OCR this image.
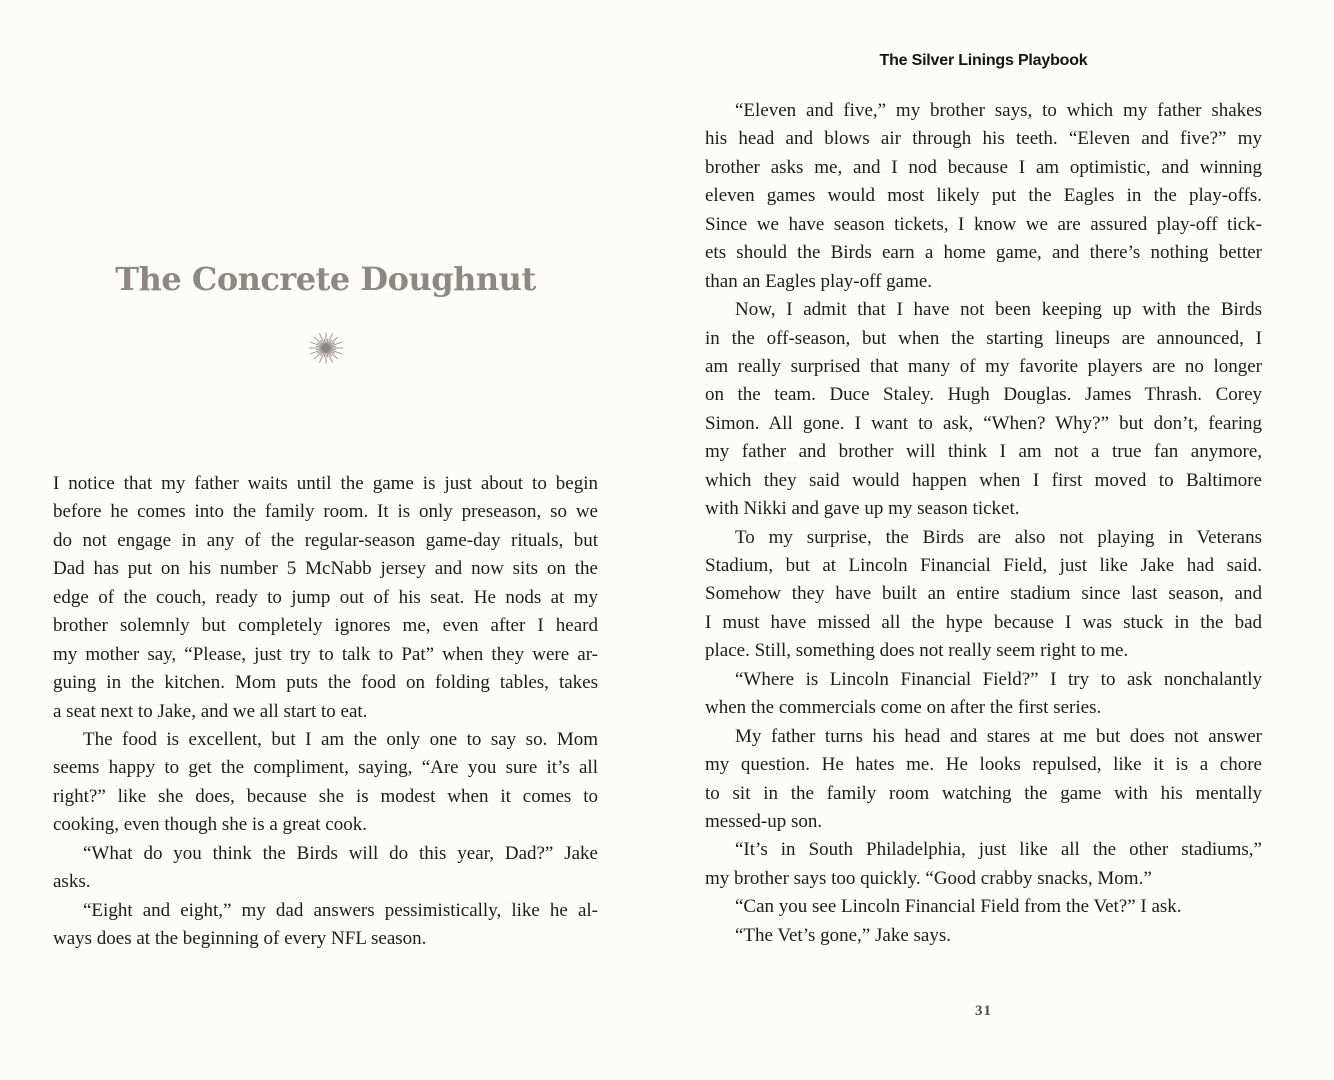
The Concrete Doughnut
I notice that my father waits until the game is just about to begin
before he comes into the family room. It is only preseason, so we
do not engage in any of the regular-season game-day rituals, but
Dad has put on his number 5 McNabb jersey and now sits on the
edge of the couch, ready to jump out of his seat. He nods at my
brother solemnly but completely ignores me, even after I heard
my mother say, “Please, just try to talk to Pat” when they were ar-
guing in the kitchen. Mom puts the food on folding tables, takes
a seat next to Jake, and we all start to eat.
The food is excellent, but I am the only one to say so. Mom
seems happy to get the compliment, saying, “Are you sure it’s all
right?” like she does, because she is modest when it comes to
cooking, even though she is a great cook.
“What do you think the Birds will do this year, Dad?” Jake
asks.
“Eight and eight,” my dad answers pessimistically, like he al-
ways does at the beginning of every NFL season.
The Silver Linings Playbook
“Eleven and five,” my brother says, to which my father shakes
his head and blows air through his teeth. “Eleven and five?” my
brother asks me, and I nod because I am optimistic, and winning
eleven games would most likely put the Eagles in the play-offs.
Since we have season tickets, I know we are assured play-off tick-
ets should the Birds earn a home game, and there’s nothing better
than an Eagles play-off game.
Now, I admit that I have not been keeping up with the Birds
in the off-season, but when the starting lineups are announced, I
am really surprised that many of my favorite players are no longer
on the team. Duce Staley. Hugh Douglas. James Thrash. Corey
Simon. All gone. I want to ask, “When? Why?” but don’t, fearing
my father and brother will think I am not a true fan anymore,
which they said would happen when I first moved to Baltimore
with Nikki and gave up my season ticket.
To my surprise, the Birds are also not playing in Veterans
Stadium, but at Lincoln Financial Field, just like Jake had said.
Somehow they have built an entire stadium since last season, and
I must have missed all the hype because I was stuck in the bad
place. Still, something does not really seem right to me.
“Where is Lincoln Financial Field?” I try to ask nonchalantly
when the commercials come on after the first series.
My father turns his head and stares at me but does not answer
my question. He hates me. He looks repulsed, like it is a chore
to sit in the family room watching the game with his mentally
messed-up son.
“It’s in South Philadelphia, just like all the other stadiums,”
my brother says too quickly. “Good crabby snacks, Mom.”
“Can you see Lincoln Financial Field from the Vet?” I ask.
“The Vet’s gone,” Jake says.
31
